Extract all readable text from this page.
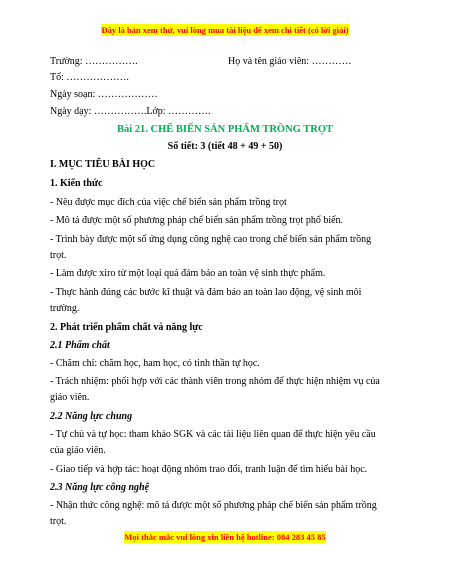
Đây là bản xem thử, vui lòng mua tài liệu để xem chi tiết (có lời giải)
Trường: …………….	Họ và tên giáo viên: …………
Tổ: ……………….
Ngày soạn: ………………
Ngày dạy: …………….Lớp: ………….
Bài 21. CHẾ BIẾN SẢN PHẨM TRỒNG TRỌT
Số tiết: 3 (tiết 48 + 49 + 50)
I. MỤC TIÊU BÀI HỌC
1. Kiến thức
- Nêu được mục đích của việc chế biến sản phẩm trồng trọt
- Mô tả được một số phương pháp chế biến sản phẩm trồng trọt phổ biến.
- Trình bày được một số ứng dụng công nghệ cao trong chế biến sản phẩm trồng
trọt.
- Làm được xiro từ một loại quả đảm bảo an toàn vệ sinh thực phẩm.
- Thực hành đúng các bước kĩ thuật và đảm bảo an toàn lao động, vệ sinh môi
trường.
2. Phát triển phẩm chất và năng lực
2.1 Phẩm chất
- Chăm chỉ: chăm học, ham học, có tinh thần tự học.
- Trách nhiệm: phối hợp với các thành viên trong nhóm để thực hiện nhiệm vụ của
giáo viên.
2.2 Năng lực chung
- Tự chủ và tự học: tham khảo SGK và các tài liệu liên quan để thực hiện yêu cầu
của giáo viên.
- Giao tiếp và hợp tác: hoạt động nhóm trao đổi, tranh luận để tìm hiểu bài học.
2.3 Năng lực công nghệ
- Nhận thức công nghệ: mô tả được một số phương pháp chế biến sản phẩm trồng
trọt.
Mọi thắc mắc vui lòng xin liên hệ hotline: 084 283 45 85
